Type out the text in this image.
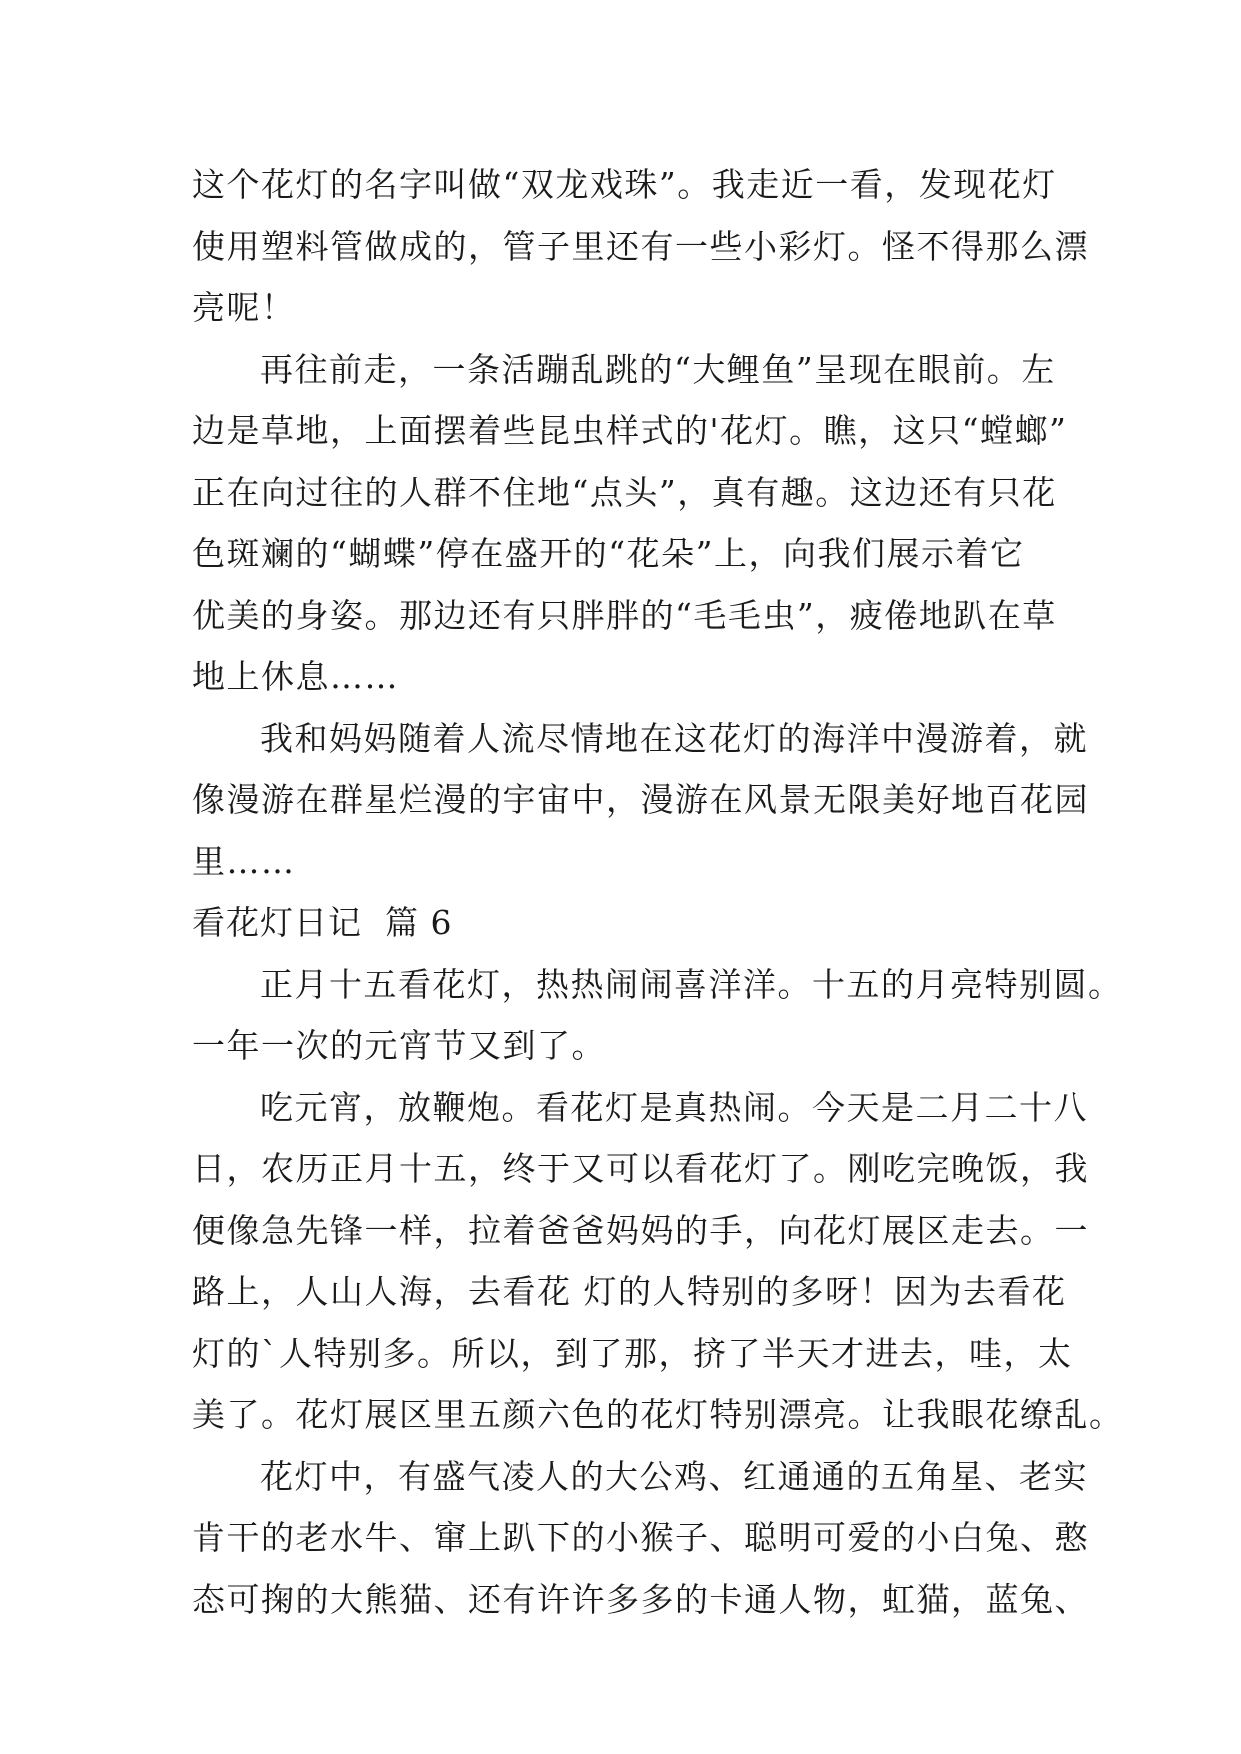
这个花灯的名字叫做“双龙戏珠”。我走近一看，发现花灯
使用塑料管做成的，管子里还有一些小彩灯。怪不得那么漂
亮呢！
再往前走，一条活蹦乱跳的“大鲤鱼”呈现在眼前。左
边是草地，上面摆着些昆虫样式的'花灯。瞧，这只“螳螂”
正在向过往的人群不住地“点头”，真有趣。这边还有只花
色斑斓的“蝴蝶”停在盛开的“花朵”上，向我们展示着它
优美的身姿。那边还有只胖胖的“毛毛虫”，疲倦地趴在草
地上休息……
我和妈妈随着人流尽情地在这花灯的海洋中漫游着，就
像漫游在群星烂漫的宇宙中，漫游在风景无限美好地百花园
里……
看花灯日记  篇 6
正月十五看花灯，热热闹闹喜洋洋。十五的月亮特别圆。
一年一次的元宵节又到了。
吃元宵，放鞭炮。看花灯是真热闹。今天是二月二十八
日，农历正月十五，终于又可以看花灯了。刚吃完晚饭，我
便像急先锋一样，拉着爸爸妈妈的手，向花灯展区走去。一
路上，人山人海，去看花 灯的人特别的多呀！因为去看花
灯的`人特别多。所以，到了那，挤了半天才进去，哇，太
美了。花灯展区里五颜六色的花灯特别漂亮。让我眼花缭乱。
花灯中，有盛气凌人的大公鸡、红通通的五角星、老实
肯干的老水牛、窜上趴下的小猴子、聪明可爱的小白兔、憨
态可掬的大熊猫、还有许许多多的卡通人物，虹猫，蓝兔、
